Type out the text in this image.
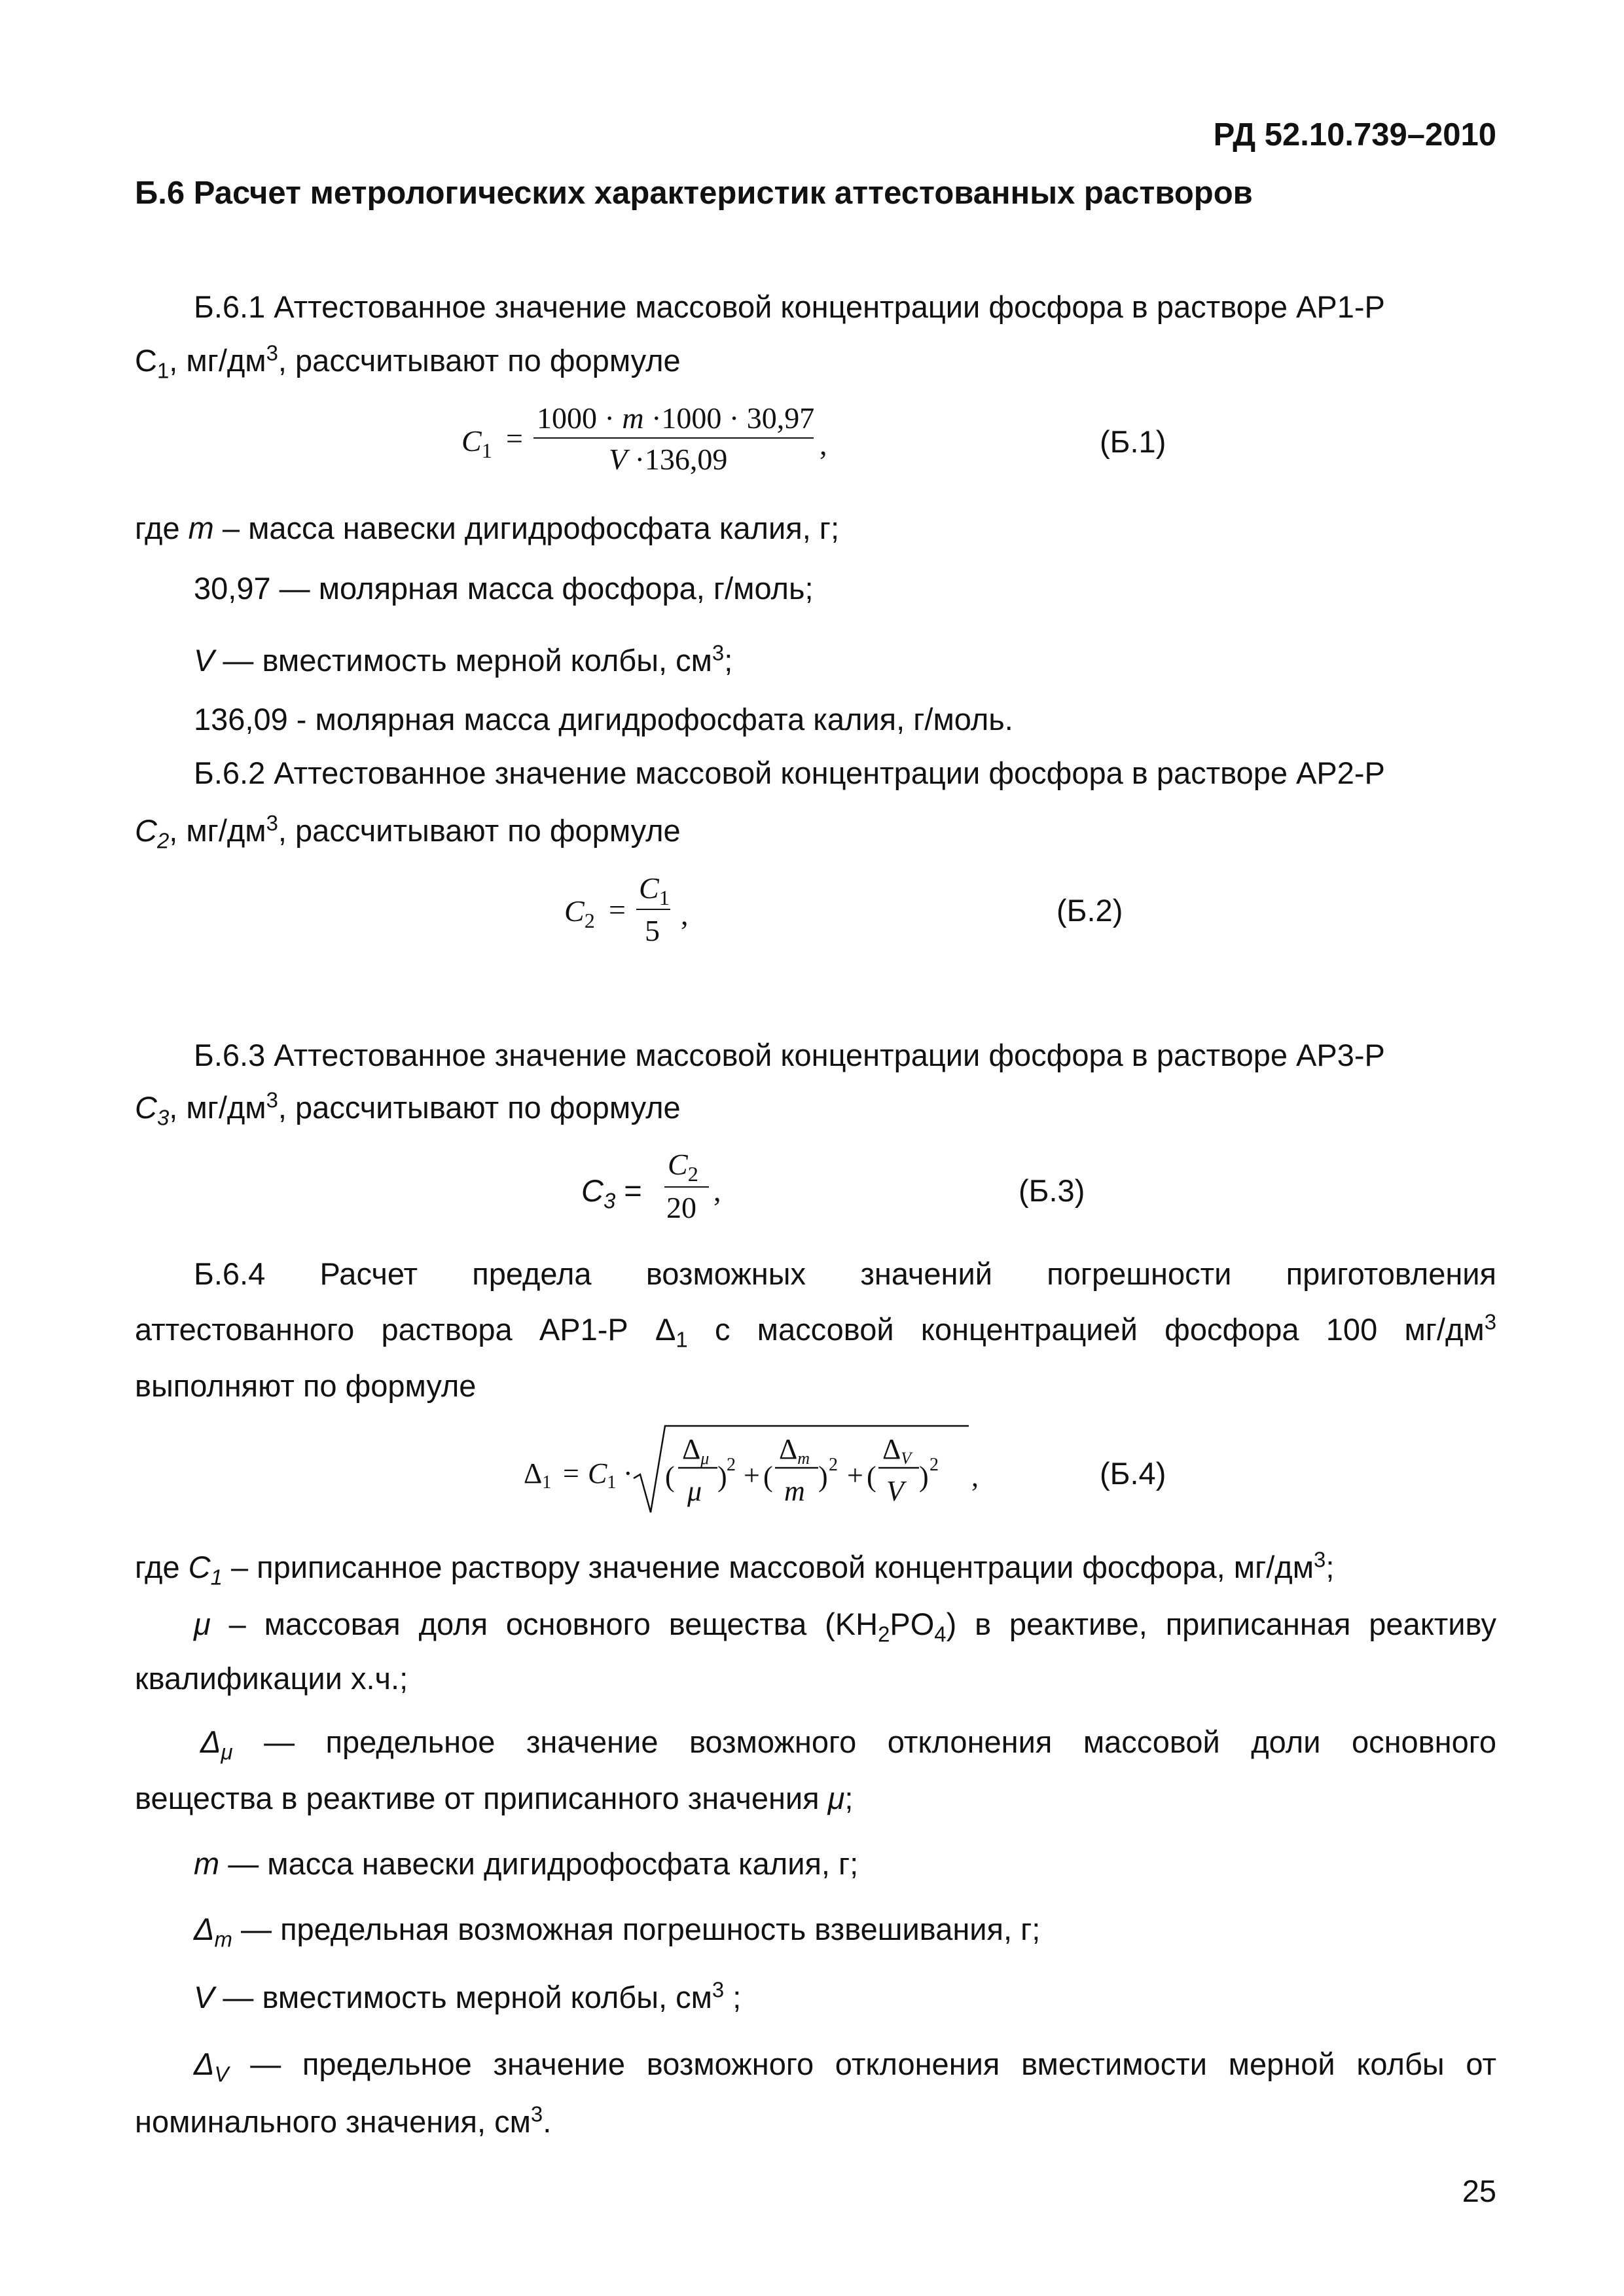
РД 52.10.739–2010
Б.6 Расчет метрологических характеристик аттестованных растворов
Б.6.1 Аттестованное значение массовой концентрации фосфора в растворе АР1-Р
$С_1$, $мг/дм^3$, рассчитывают по формуле
$C_1$ =
1000 · m ·1000 · 30,97
V ·136,09	,	(Б.1)
где m – масса навески дигидрофосфата калия, г;
30,97 — молярная масса фосфора, г/моль;
V — вместимость мерной колбы, $см^3$;
136,09 - молярная масса дигидрофосфата калия, г/моль.
Б.6.2 Аттестованное значение массовой концентрации фосфора в растворе АР2-Р
$С_2$, $мг/дм^3$, рассчитывают по формуле
$C_2$ =
$C_1$
5 ,	(Б.2)
Б.6.3 Аттестованное значение массовой концентрации фосфора в растворе АР3-Р
$С_3$, $мг/дм^3$, рассчитывают по формуле
$С_3$ =
$C_2$
20
,	(Б.3)
Б.6.4 Расчет предела возможных значений погрешности приготовления
аттестованного раствора АР1-Р $\Delta_1$ с массовой концентрацией фосфора 100 $мг/дм^3$
выполняют по формуле
Δ1 = C1 · (
Δμ
μ ) 2 + (
Δm
m ) 2 + (
ΔV
V ) 2 ,	(Б.4)
где $С_1$ – приписанное раствору значение массовой концентрации фосфора, $мг/дм^3$;
μ – массовая доля основного вещества $(KH_2PO_4)$ в реактиве, приписанная реактиву
квалификации х.ч.;
$\Delta_\mu$ — предельное значение возможного отклонения массовой доли основного
вещества в реактиве от приписанного значения μ;
m — масса навески дигидрофосфата калия, г;
$\Delta_m$ — предельная возможная погрешность взвешивания, г;
V — вместимость мерной колбы, $см^3$ ;
$\Delta_V$ — предельное значение возможного отклонения вместимости мерной колбы от
номинального значения, $см^3$.
25
